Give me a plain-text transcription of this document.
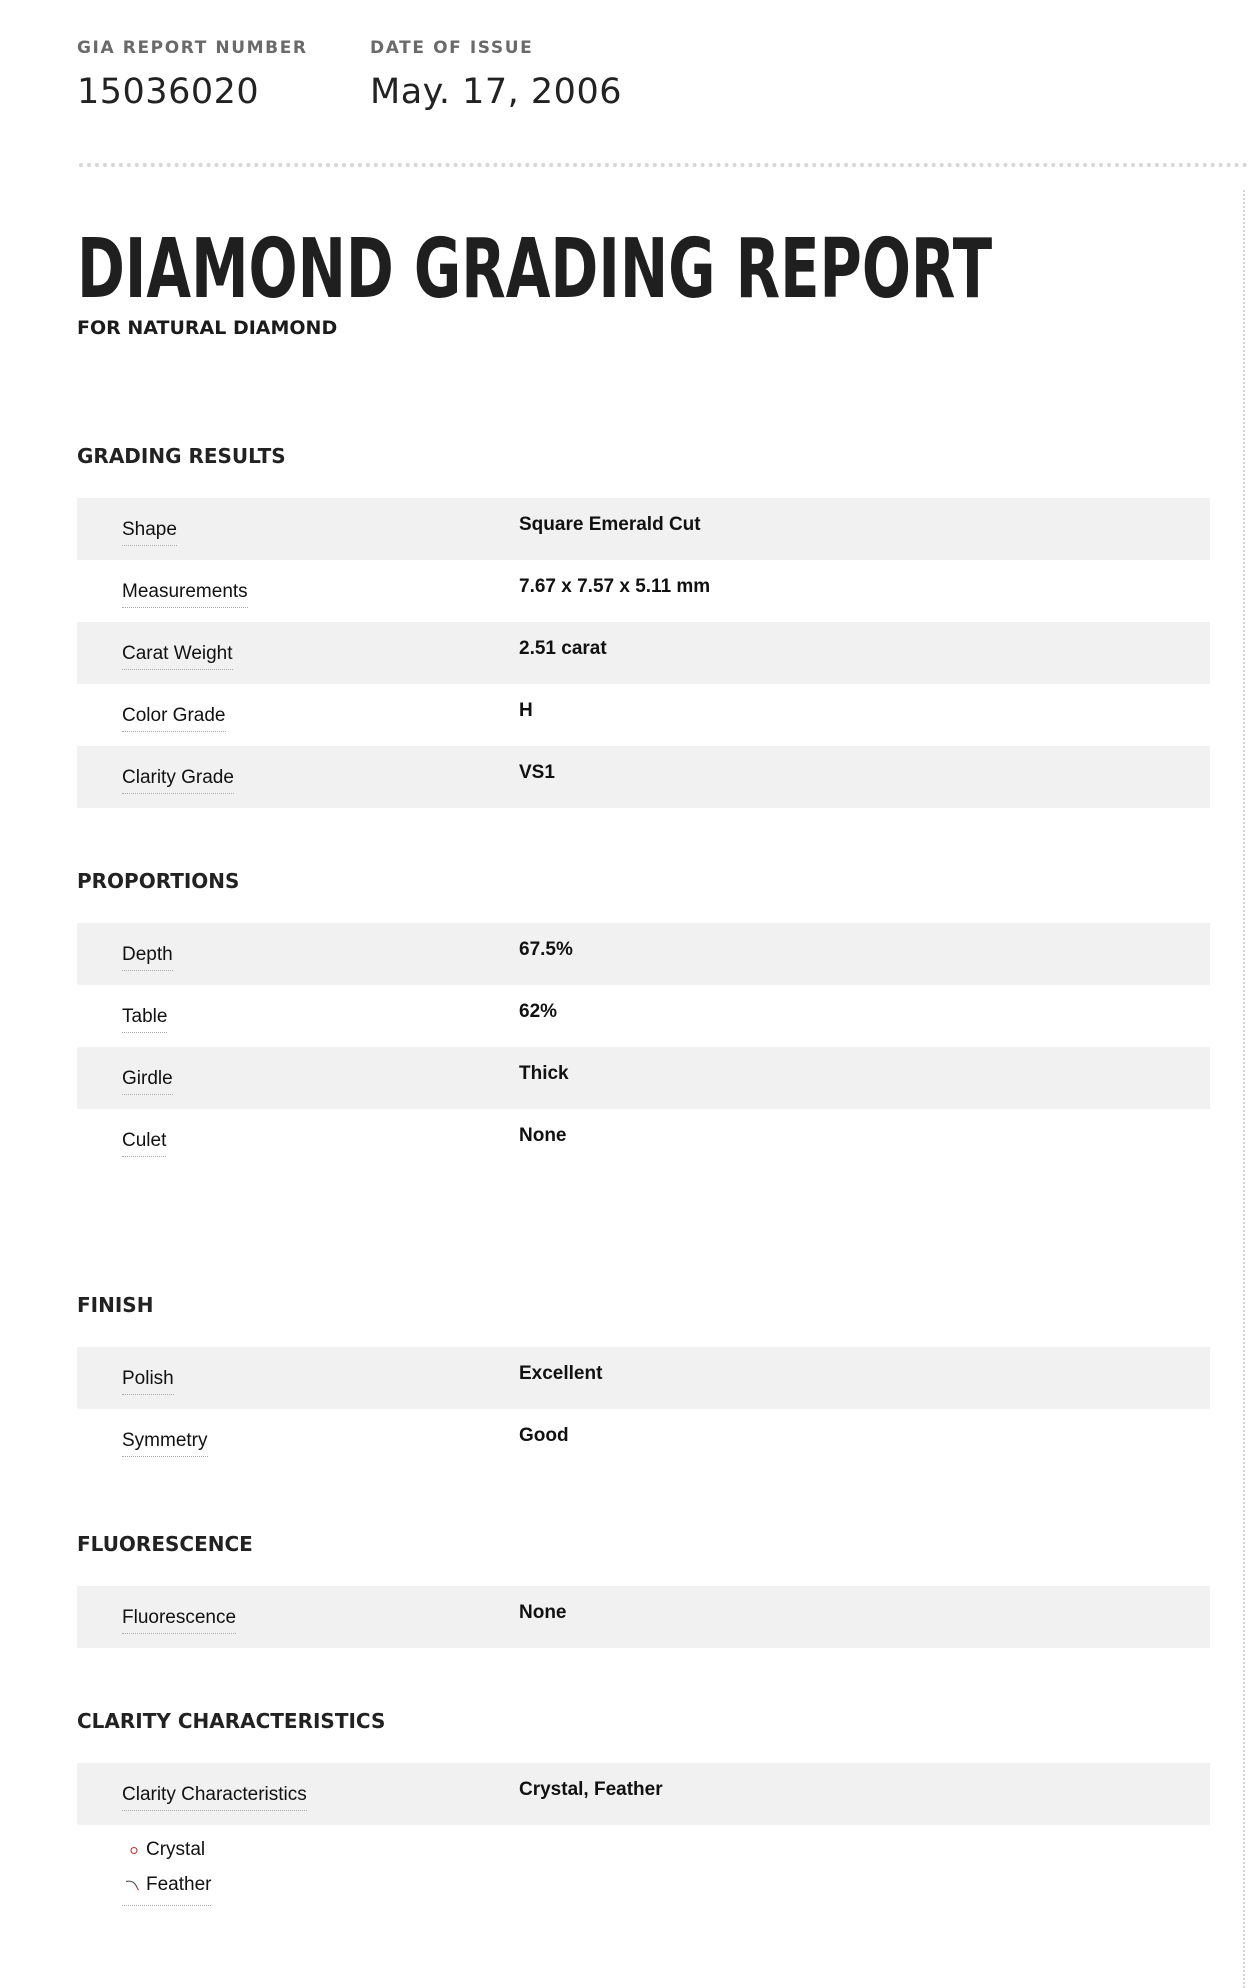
GIA REPORT NUMBER
15036020
DATE OF ISSUE
May. 17, 2006
DIAMOND GRADING REPORT
FOR NATURAL DIAMOND
GRADING RESULTS
Shape	Square Emerald Cut
Measurements	7.67 x 7.57 x 5.11 mm
Carat Weight	2.51 carat
Color Grade	H
Clarity Grade	VS1
PROPORTIONS
Depth	67.5%
Table	62%
Girdle	Thick
Culet	None
FINISH
Polish	Excellent
Symmetry	Good
FLUORESCENCE
Fluorescence	None
CLARITY CHARACTERISTICS
Clarity Characteristics	Crystal, Feather
Crystal
Feather
